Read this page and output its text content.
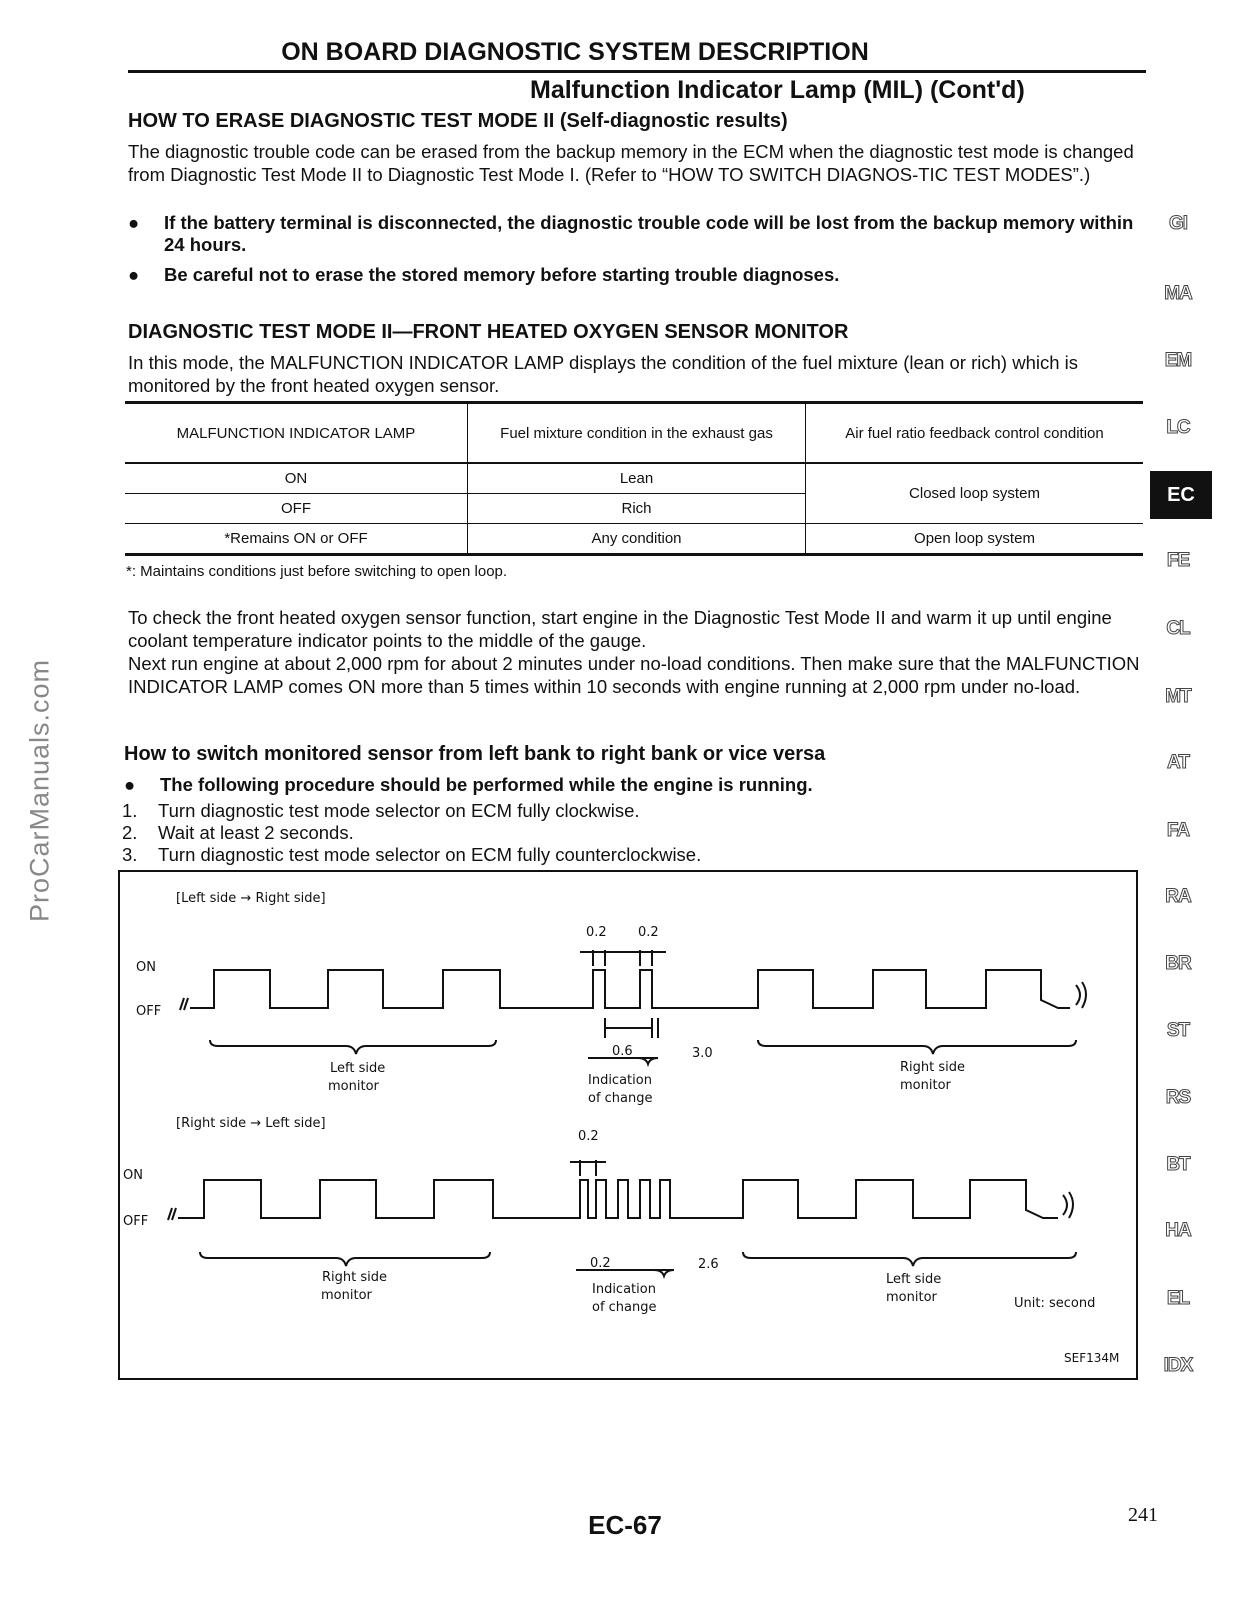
ON BOARD DIAGNOSTIC SYSTEM DESCRIPTION
Malfunction Indicator Lamp (MIL) (Cont'd)
HOW TO ERASE DIAGNOSTIC TEST MODE II (Self-diagnostic results)

The diagnostic trouble code can be erased from the backup memory in the ECM when the diagnostic test mode is changed from Diagnostic Test Mode II to Diagnostic Test Mode I. (Refer to “HOW TO SWITCH DIAGNOS-TIC TEST MODES”.)

● If the battery terminal is disconnected, the diagnostic trouble code will be lost from the backup memory within 24 hours.
● Be careful not to erase the stored memory before starting trouble diagnoses.
DIAGNOSTIC TEST MODE II—FRONT HEATED OXYGEN SENSOR MONITOR

In this mode, the MALFUNCTION INDICATOR LAMP displays the condition of the fuel mixture (lean or rich) which is monitored by the front heated oxygen sensor.

MALFUNCTION INDICATOR LAMP	Fuel mixture condition in the exhaust gas	Air fuel ratio feedback control condition
ON	Lean	Closed loop system
OFF	Rich	
*Remains ON or OFF	Any condition	Open loop system
*: Maintains conditions just before switching to open loop.

To check the front heated oxygen sensor function, start engine in the Diagnostic Test Mode II and warm it up until engine coolant temperature indicator points to the middle of the gauge.

Next run engine at about 2,000 rpm for about 2 minutes under no-load conditions. Then make sure that the MALFUNCTION INDICATOR LAMP comes ON more than 5 times within 10 seconds with engine running at 2,000 rpm under no-load.

How to switch monitored sensor from left bank to right bank or vice versa
● The following procedure should be performed while the engine is running.
1. Turn diagnostic test mode selector on ECM fully clockwise.
2. Wait at least 2 seconds.
3. Turn diagnostic test mode selector on ECM fully counterclockwise.
[Left side → Right side]
ON
OFF
0.2 0.2
0.6	3.0
Left side
monitor	Indication
of change
Right side
monitor
[Right side → Left side]
0.2
ON
OFF
0.2	2.6
Right side
monitor	Indication
of change
Left side
monitor	Unit: second
SEF134M
GI
MA
EM
LC
EC
FE
CL
MT
AT
FA
RA
BR
ST
RS
BT
HA
EL
IDX
ProCarManuals.com
EC-67	241
